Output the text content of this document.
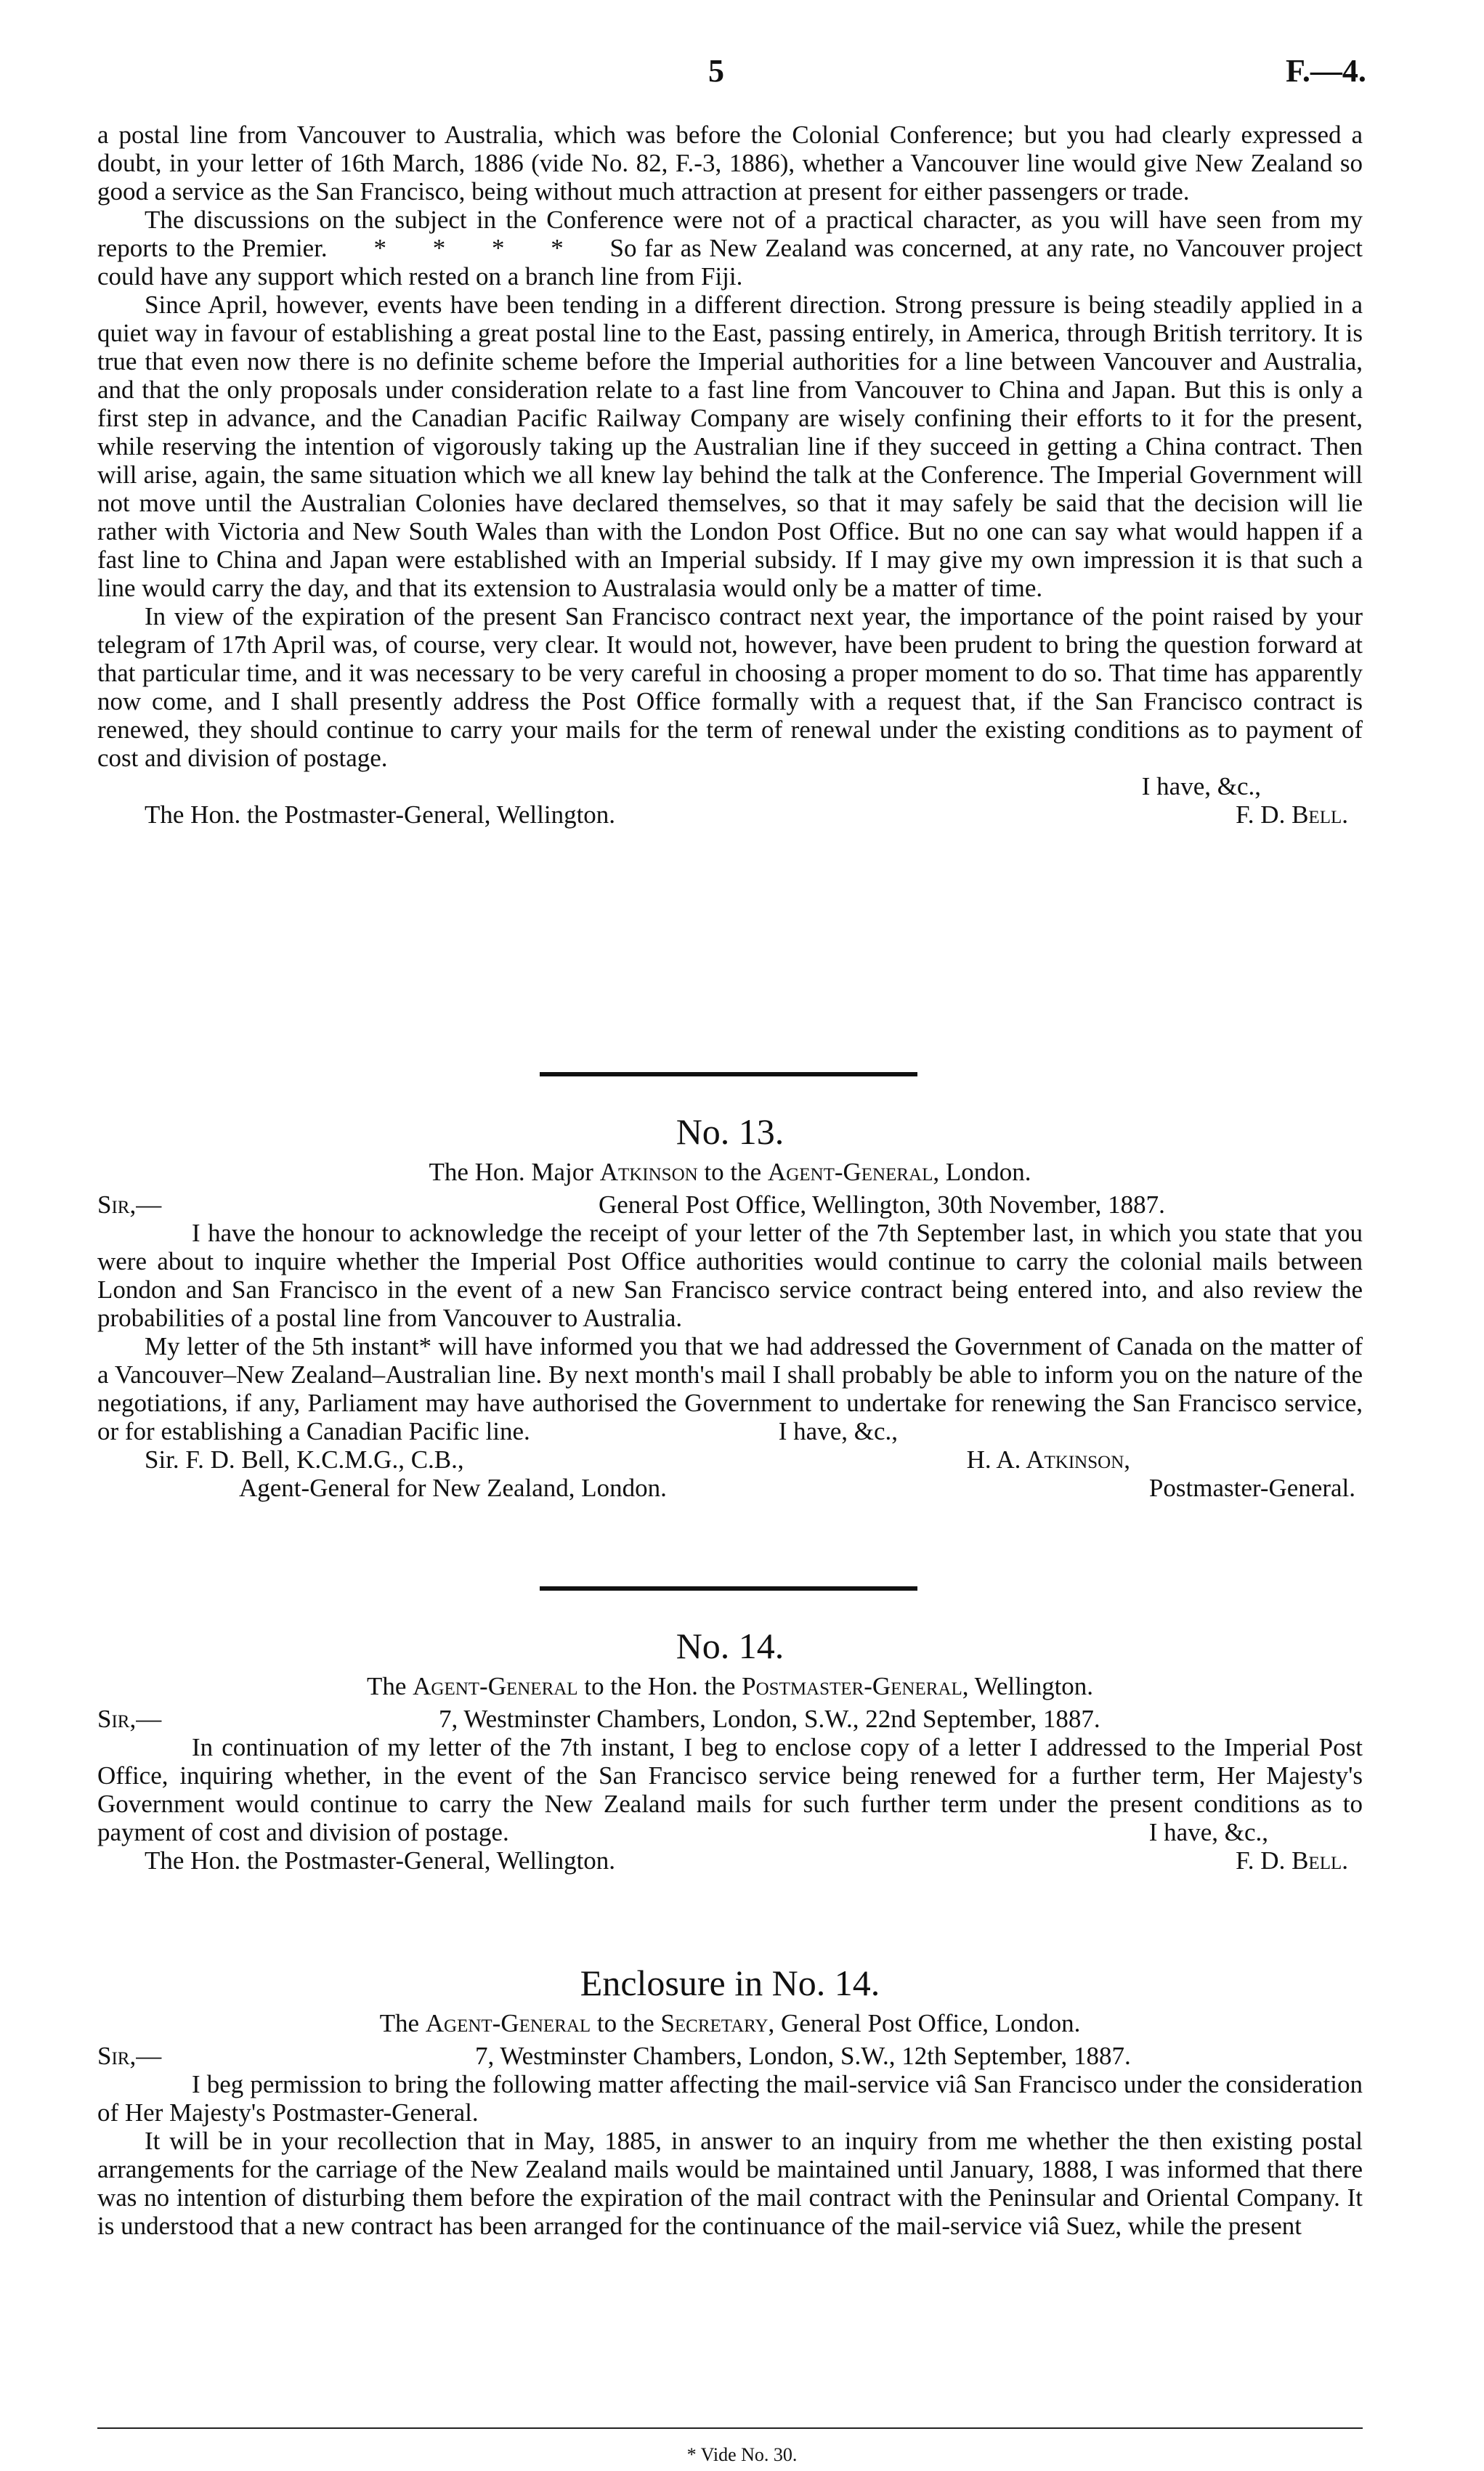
5	F.—4.

a postal line from Vancouver to Australia, which was before the Colonial Conference; but you had clearly expressed a doubt, in your letter of 16th March, 1886 (vide No. 82, F.-3, 1886), whether a Vancouver line would give New Zealand so good a service as the San Francisco, being without much attraction at present for either passengers or trade.

The discussions on the subject in the Conference were not of a practical character, as you will have seen from my reports to the Premier.      *      *      *      *      So far as New Zealand was concerned, at any rate, no Vancouver project could have any support which rested on a branch line from Fiji.

Since April, however, events have been tending in a different direction. Strong pressure is being steadily applied in a quiet way in favour of establishing a great postal line to the East, passing entirely, in America, through British territory. It is true that even now there is no definite scheme before the Imperial authorities for a line between Vancouver and Australia, and that the only proposals under consideration relate to a fast line from Vancouver to China and Japan. But this is only a first step in advance, and the Canadian Pacific Railway Company are wisely confining their efforts to it for the present, while reserving the intention of vigorously taking up the Australian line if they succeed in getting a China contract. Then will arise, again, the same situation which we all knew lay behind the talk at the Conference. The Imperial Government will not move until the Australian Colonies have declared themselves, so that it may safely be said that the decision will lie rather with Victoria and New South Wales than with the London Post Office. But no one can say what would happen if a fast line to China and Japan were established with an Imperial subsidy. If I may give my own impression it is that such a line would carry the day, and that its extension to Australasia would only be a matter of time.

In view of the expiration of the present San Francisco contract next year, the importance of the point raised by your telegram of 17th April was, of course, very clear. It would not, however, have been prudent to bring the question forward at that particular time, and it was necessary to be very careful in choosing a proper moment to do so. That time has apparently now come, and I shall presently address the Post Office formally with a request that, if the San Francisco contract is renewed, they should continue to carry your mails for the term of renewal under the existing conditions as to payment of cost and division of postage.

I have, &c.,
The Hon. the Postmaster-General, Wellington.	F. D. Bell.
No. 13.
The Hon. Major Atkinson to the Agent-General, London.
Sir,—	General Post Office, Wellington, 30th November, 1887.

I have the honour to acknowledge the receipt of your letter of the 7th September last, in which you state that you were about to inquire whether the Imperial Post Office authorities would continue to carry the colonial mails between London and San Francisco in the event of a new San Francisco service contract being entered into, and also review the probabilities of a postal line from Vancouver to Australia.

My letter of the 5th instant* will have informed you that we had addressed the Government of Canada on the matter of a Vancouver–New Zealand–Australian line. By next month's mail I shall probably be able to inform you on the nature of the negotiations, if any, Parliament may have authorised the Government to undertake for renewing the San Francisco service, or for establishing a Canadian Pacific line.	I have, &c.,
Sir. F. D. Bell, K.C.M.G., C.B.,	H. A. Atkinson,
Agent-General for New Zealand, London.	Postmaster-General.
No. 14.
The Agent-General to the Hon. the Postmaster-General, Wellington.
Sir,—	7, Westminster Chambers, London, S.W., 22nd September, 1887.

In continuation of my letter of the 7th instant, I beg to enclose copy of a letter I addressed to the Imperial Post Office, inquiring whether, in the event of the San Francisco service being renewed for a further term, Her Majesty's Government would continue to carry the New Zealand mails for such further term under the present conditions as to payment of cost and division of postage.	I have, &c.,
The Hon. the Postmaster-General, Wellington.	F. D. Bell.
Enclosure in No. 14.
The Agent-General to the Secretary, General Post Office, London.
Sir,—	7, Westminster Chambers, London, S.W., 12th September, 1887.

I beg permission to bring the following matter affecting the mail-service viâ San Francisco under the consideration of Her Majesty's Postmaster-General.

It will be in your recollection that in May, 1885, in answer to an inquiry from me whether the then existing postal arrangements for the carriage of the New Zealand mails would be maintained until January, 1888, I was informed that there was no intention of disturbing them before the expiration of the mail contract with the Peninsular and Oriental Company. It is understood that a new contract has been arranged for the continuance of the mail-service viâ Suez, while the present

* Vide No. 30.
